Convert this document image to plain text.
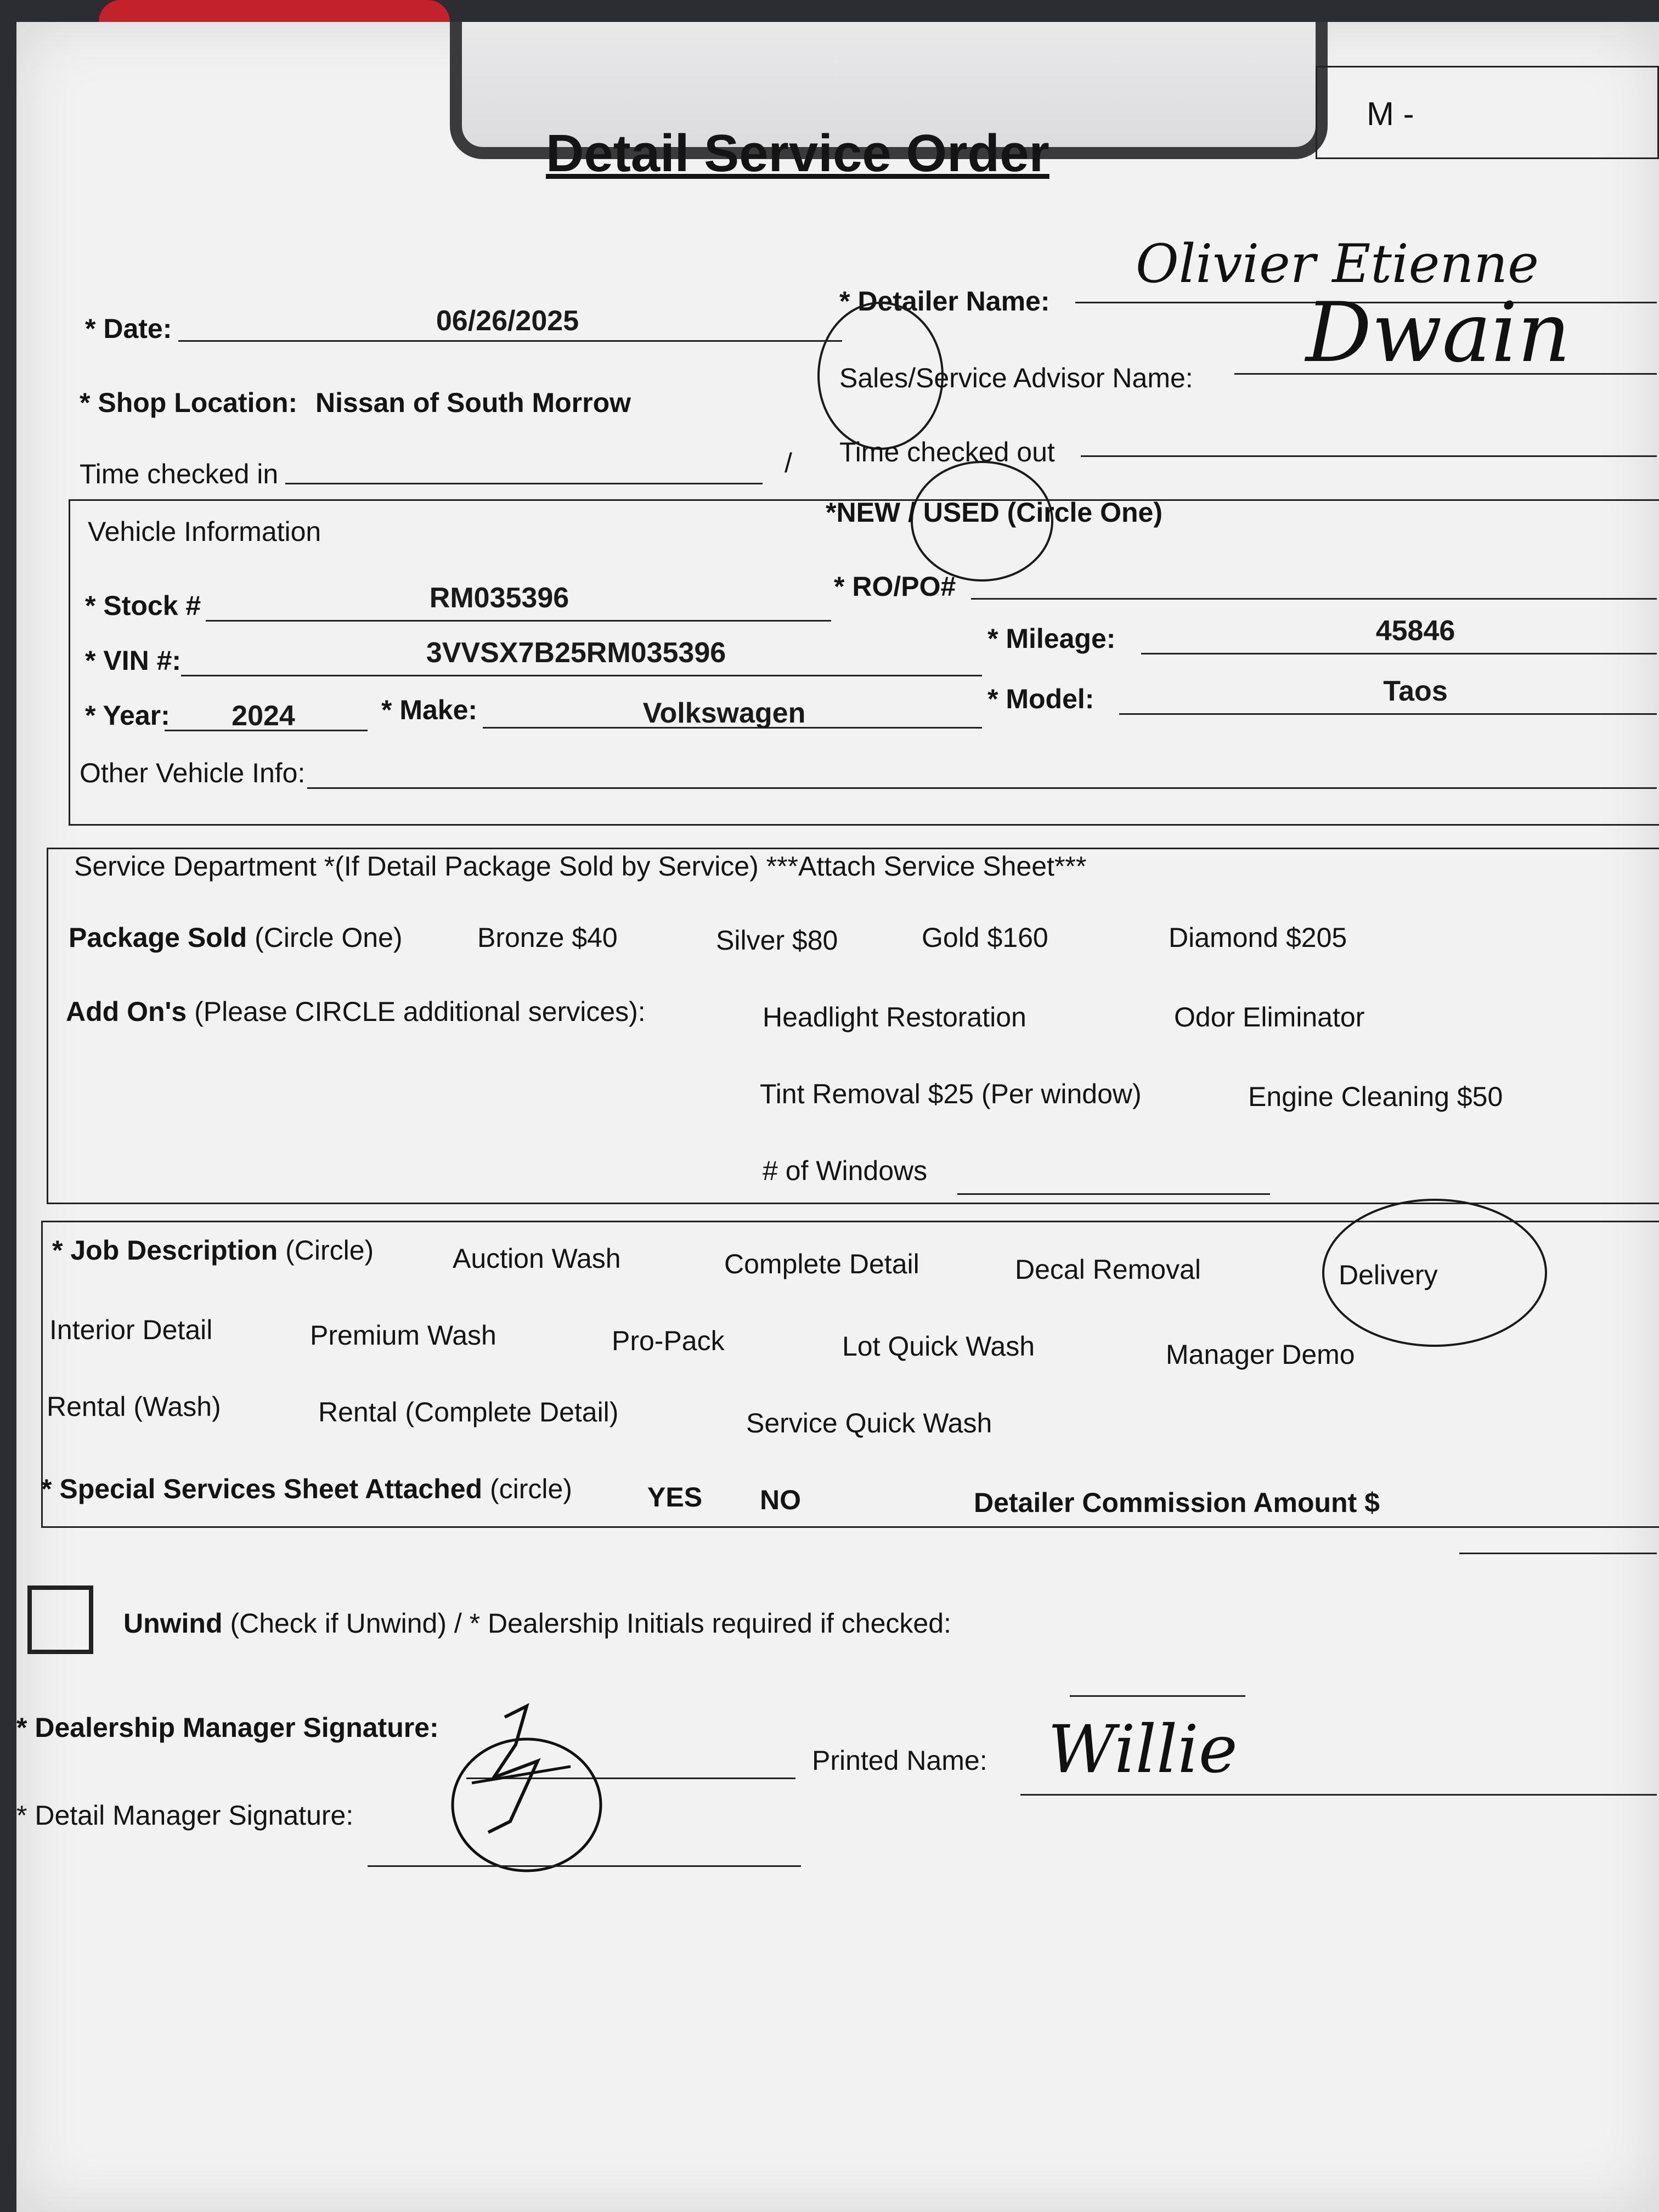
Detail Service Order
M -
* Date:	06/26/2025
* Detailer Name:
Olivier Etienne
* Shop Location: Nissan of South Morrow
Sales/Service Advisor Name: Dwain
Time checked in	/ Time checked out
Vehicle Information
*NEW / USED (Circle One)
* Stock #	RM035396	* RO/PO#
* VIN #:	3VVSX7B25RM035396	* Mileage:	45846
* Year:	2024	* Make:	Volkswagen	* Model:	Taos
Other Vehicle Info:
Service Department *(If Detail Package Sold by Service) ***Attach Service Sheet***
Package Sold (Circle One)	Bronze $40	Silver $80	Gold $160	Diamond $205
Add On's (Please CIRCLE additional services):	Headlight Restoration	Odor Eliminator
Tint Removal $25 (Per window)	Engine Cleaning $50
# of Windows
* Job Description (Circle)	Auction Wash	Complete Detail	Decal Removal	Delivery
Interior Detail	Premium Wash	Pro-Pack	Lot Quick Wash	Manager Demo
Rental (Wash)	Rental (Complete Detail)	Service Quick Wash
* Special Services Sheet Attached (circle)	YES NO	Detailer Commission Amount $
Unwind (Check if Unwind) / * Dealership Initials required if checked:
* Dealership Manager Signature:
Printed Name: Willie
* Detail Manager Signature:
